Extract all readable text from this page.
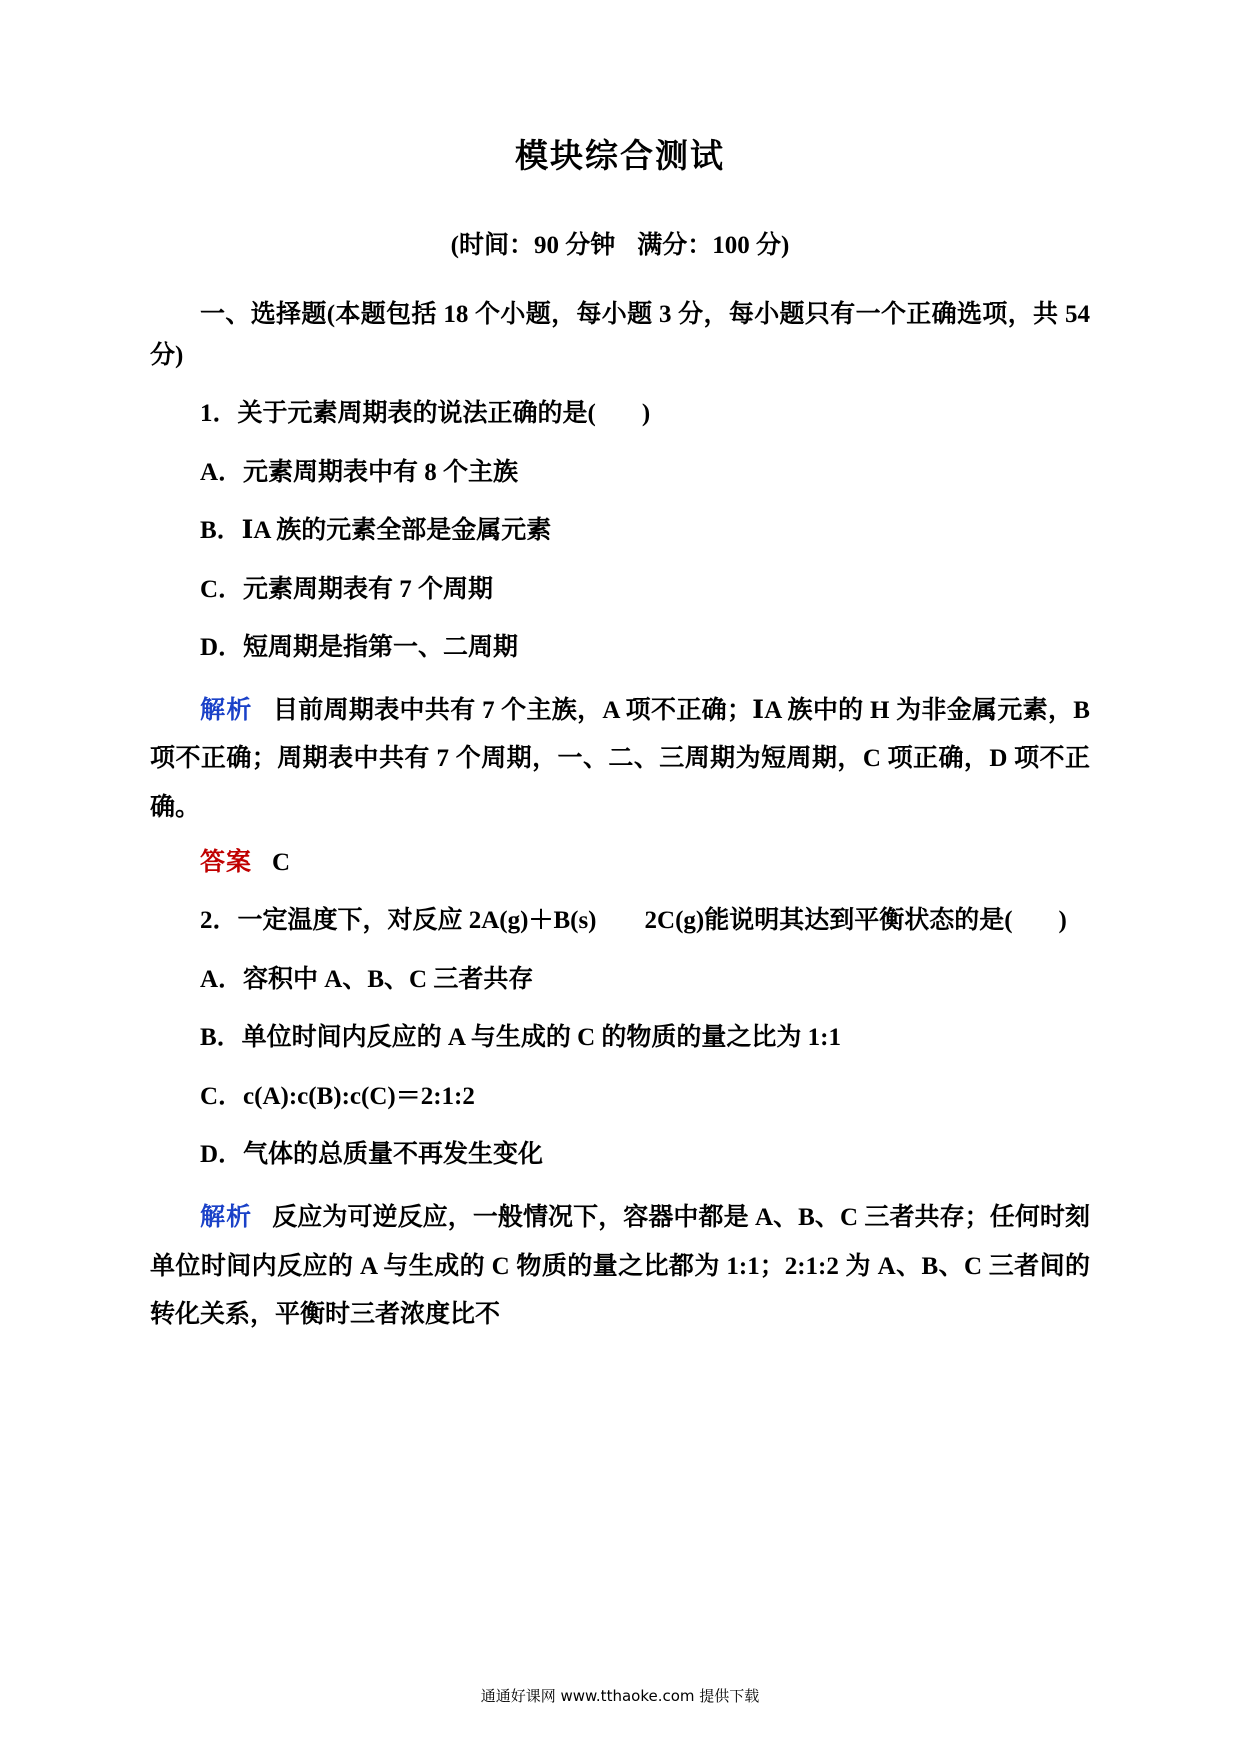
模块综合测试
(时间：90 分钟 满分：100 分)

一、选择题(本题包括 18 个小题，每小题 3 分，每小题只有一个正确选项，共 54 分)

1．关于元素周期表的说法正确的是( )

A．元素周期表中有 8 个主族

B．ⅠA 族的元素全部是金属元素

C．元素周期表有 7 个周期

D．短周期是指第一、二周期

解析 目前周期表中共有 7 个主族，A 项不正确；ⅠA 族中的 H 为非金属元素，B 项不正确；周期表中共有 7 个周期，一、二、三周期为短周期，C 项正确，D 项不正确。

答案 C

2．一定温度下，对反应 2A(g)＋B(s) 2C(g)能说明其达到平衡状态的是( )

A．容积中 A、B、C 三者共存

B．单位时间内反应的 A 与生成的 C 的物质的量之比为 1:1

C．c(A):c(B):c(C)＝2:1:2

D．气体的总质量不再发生变化

解析 反应为可逆反应，一般情况下，容器中都是 A、B、C 三者共存；任何时刻单位时间内反应的 A 与生成的 C 物质的量之比都为 1:1；2:1:2 为 A、B、C 三者间的转化关系，平衡时三者浓度比不

通通好课网 www.tthaoke.com 提供下载
